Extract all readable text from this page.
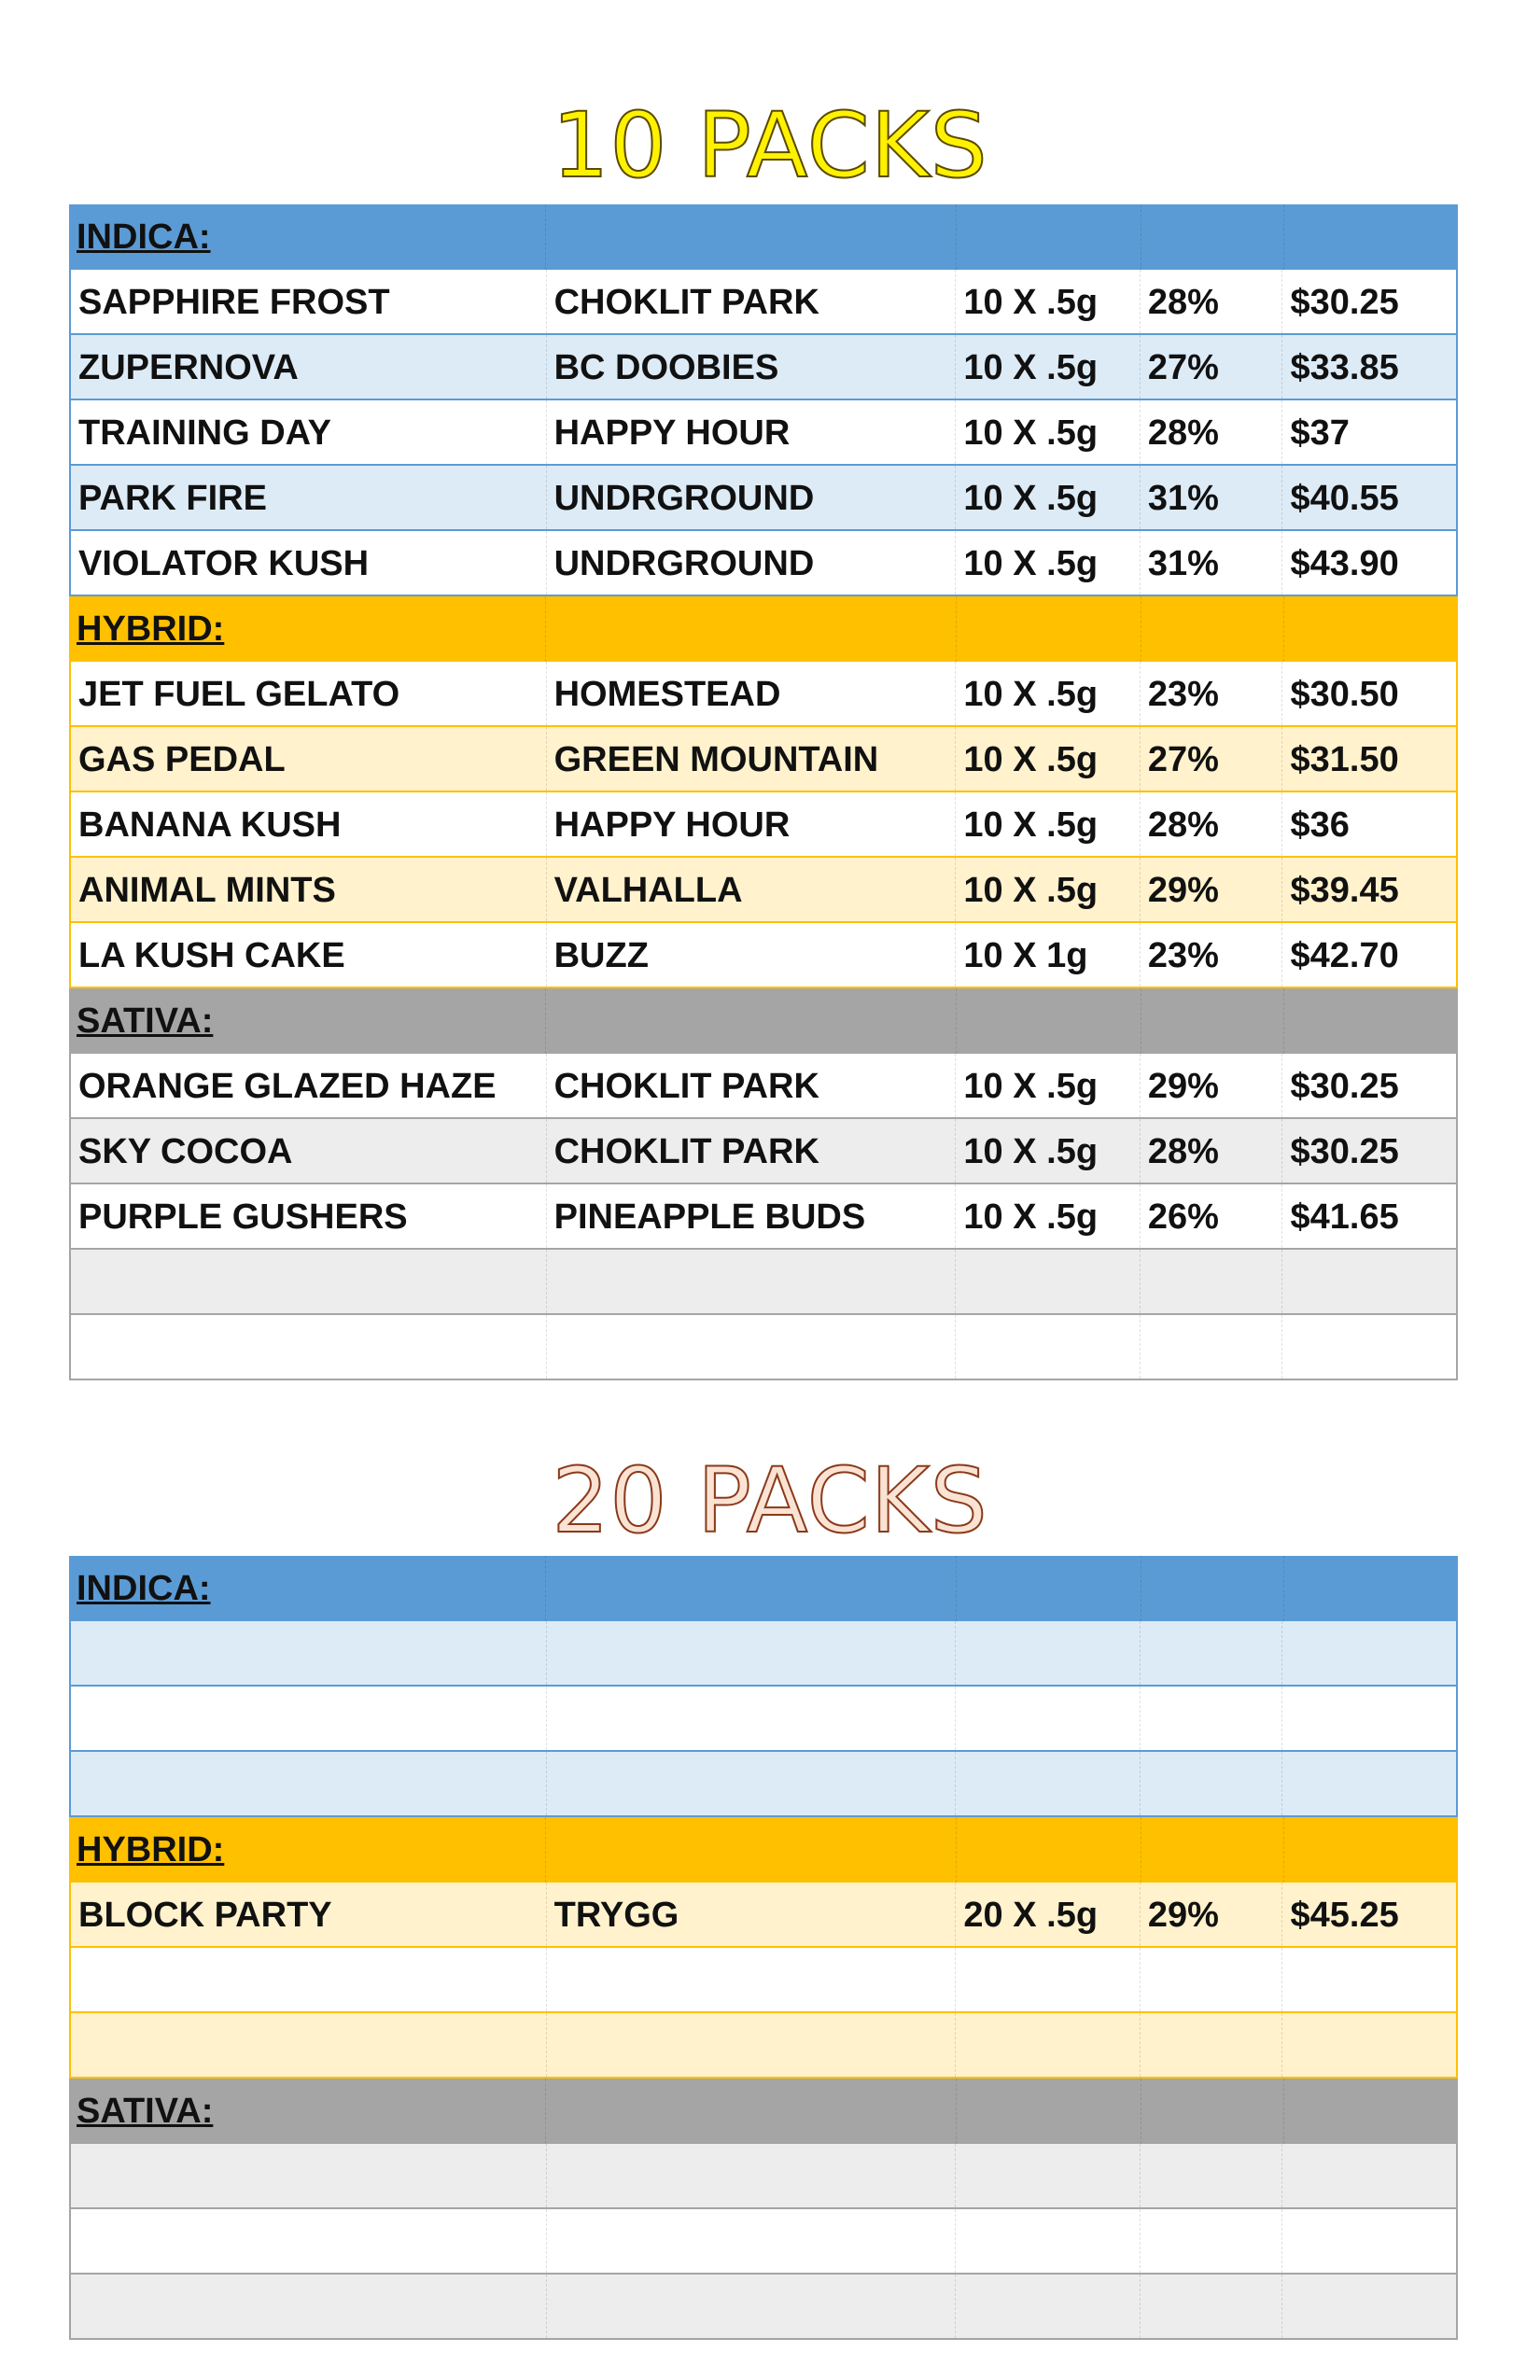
10 PACKS
INDICA:
SAPPHIRE FROST	CHOKLIT PARK	10 X .5g	28%	$30.25
ZUPERNOVA	BC DOOBIES	10 X .5g	27%	$33.85
TRAINING DAY	HAPPY HOUR	10 X .5g	28%	$37
PARK FIRE	UNDRGROUND	10 X .5g	31%	$40.55
VIOLATOR KUSH	UNDRGROUND	10 X .5g	31%	$43.90
HYBRID:
JET FUEL GELATO	HOMESTEAD	10 X .5g	23%	$30.50
GAS PEDAL	GREEN MOUNTAIN	10 X .5g	27%	$31.50
BANANA KUSH	HAPPY HOUR	10 X .5g	28%	$36
ANIMAL MINTS	VALHALLA	10 X .5g	29%	$39.45
LA KUSH CAKE	BUZZ	10 X 1g	23%	$42.70
SATIVA:
ORANGE GLAZED HAZE	CHOKLIT PARK	10 X .5g	29%	$30.25
SKY COCOA	CHOKLIT PARK	10 X .5g	28%	$30.25
PURPLE GUSHERS	PINEAPPLE BUDS	10 X .5g	26%	$41.65
20 PACKS
INDICA:
HYBRID:
BLOCK PARTY	TRYGG	20 X .5g	29%	$45.25
SATIVA:
